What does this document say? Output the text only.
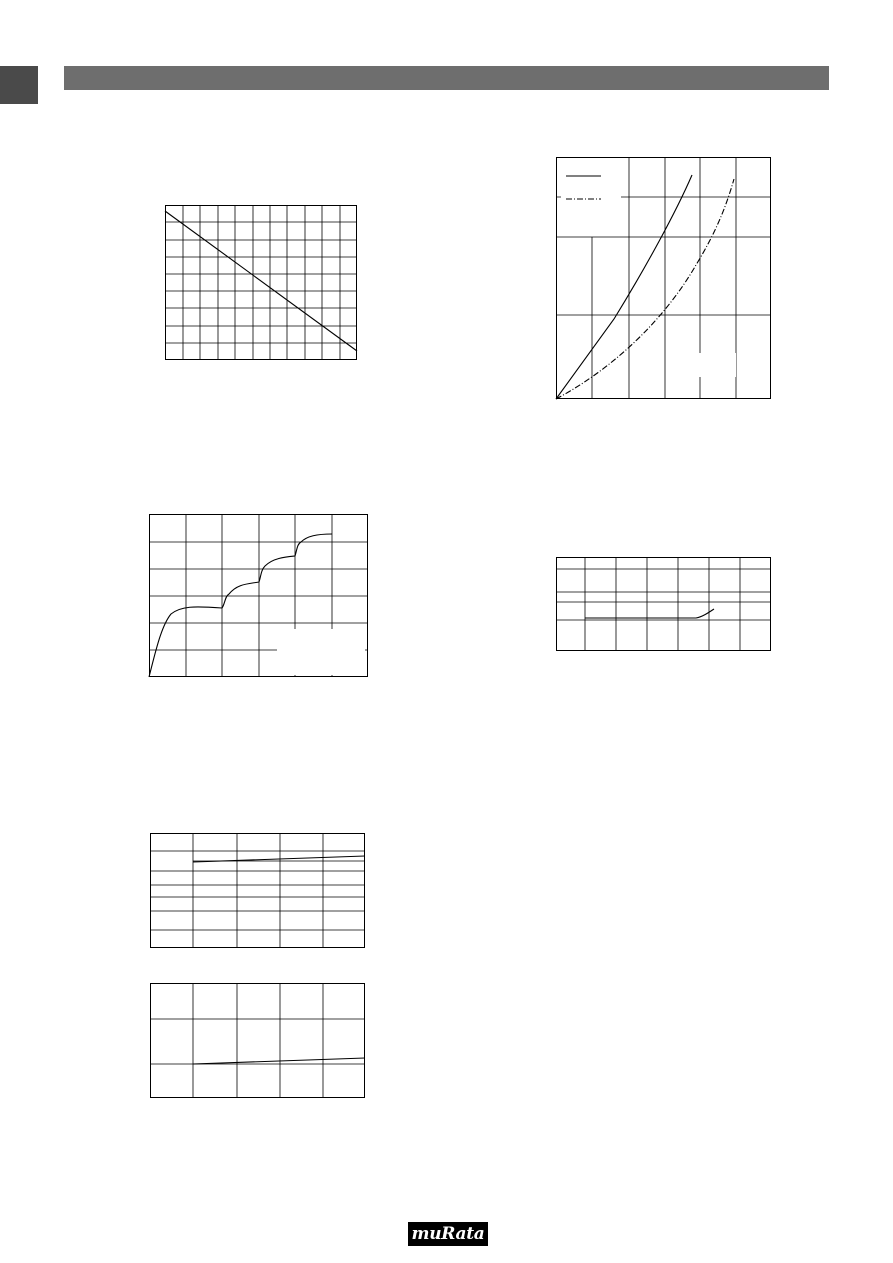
muRata
